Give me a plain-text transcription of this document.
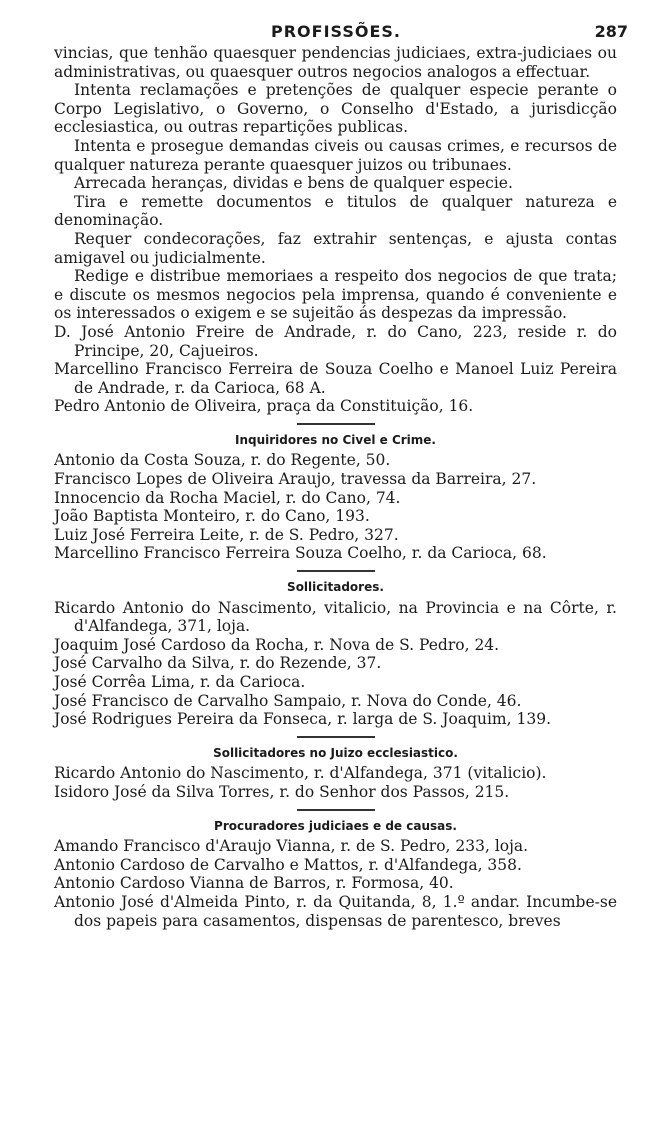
PROFISSÕES.	287

vincias, que tenhão quaesquer pendencias judiciaes, extra-judiciaes ou administrativas, ou quaesquer outros negocios analogos a effectuar.

Intenta reclamações e pretenções de qualquer especie perante o Corpo Legislativo, o Governo, o Conselho d'Estado, a jurisdicção ecclesiastica, ou outras repartições publicas.

Intenta e prosegue demandas civeis ou causas crimes, e recursos de qualquer natureza perante quaesquer juizos ou tribunaes.

Arrecada heranças, dividas e bens de qualquer especie.

Tira e remette documentos e titulos de qualquer natureza e denominação.

Requer condecorações, faz extrahir sentenças, e ajusta contas amigavel ou judicialmente.

Redige e distribue memoriaes a respeito dos negocios de que trata; e discute os mesmos negocios pela imprensa, quando é conveniente e os interessados o exigem e se sujeitão ás despezas da impressão.

D. José Antonio Freire de Andrade, r. do Cano, 223, reside r. do Principe, 20, Cajueiros.

Marcellino Francisco Ferreira de Souza Coelho e Manoel Luiz Pereira de Andrade, r. da Carioca, 68 A.

Pedro Antonio de Oliveira, praça da Constituição, 16.

Inquiridores no Civel e Crime.

Antonio da Costa Souza, r. do Regente, 50.

Francisco Lopes de Oliveira Araujo, travessa da Barreira, 27.

Innocencio da Rocha Maciel, r. do Cano, 74.

João Baptista Monteiro, r. do Cano, 193.

Luiz José Ferreira Leite, r. de S. Pedro, 327.

Marcellino Francisco Ferreira Souza Coelho, r. da Carioca, 68.

Sollicitadores.

Ricardo Antonio do Nascimento, vitalicio, na Provincia e na Côrte, r. d'Alfandega, 371, loja.

Joaquim José Cardoso da Rocha, r. Nova de S. Pedro, 24.

José Carvalho da Silva, r. do Rezende, 37.

José Corrêa Lima, r. da Carioca.

José Francisco de Carvalho Sampaio, r. Nova do Conde, 46.

José Rodrigues Pereira da Fonseca, r. larga de S. Joaquim, 139.

Sollicitadores no Juizo ecclesiastico.

Ricardo Antonio do Nascimento, r. d'Alfandega, 371 (vitalicio).

Isidoro José da Silva Torres, r. do Senhor dos Passos, 215.

Procuradores judiciaes e de causas.

Amando Francisco d'Araujo Vianna, r. de S. Pedro, 233, loja.

Antonio Cardoso de Carvalho e Mattos, r. d'Alfandega, 358.

Antonio Cardoso Vianna de Barros, r. Formosa, 40.

Antonio José d'Almeida Pinto, r. da Quitanda, 8, 1.º andar. Incumbe-se dos papeis para casamentos, dispensas de parentesco, breves
